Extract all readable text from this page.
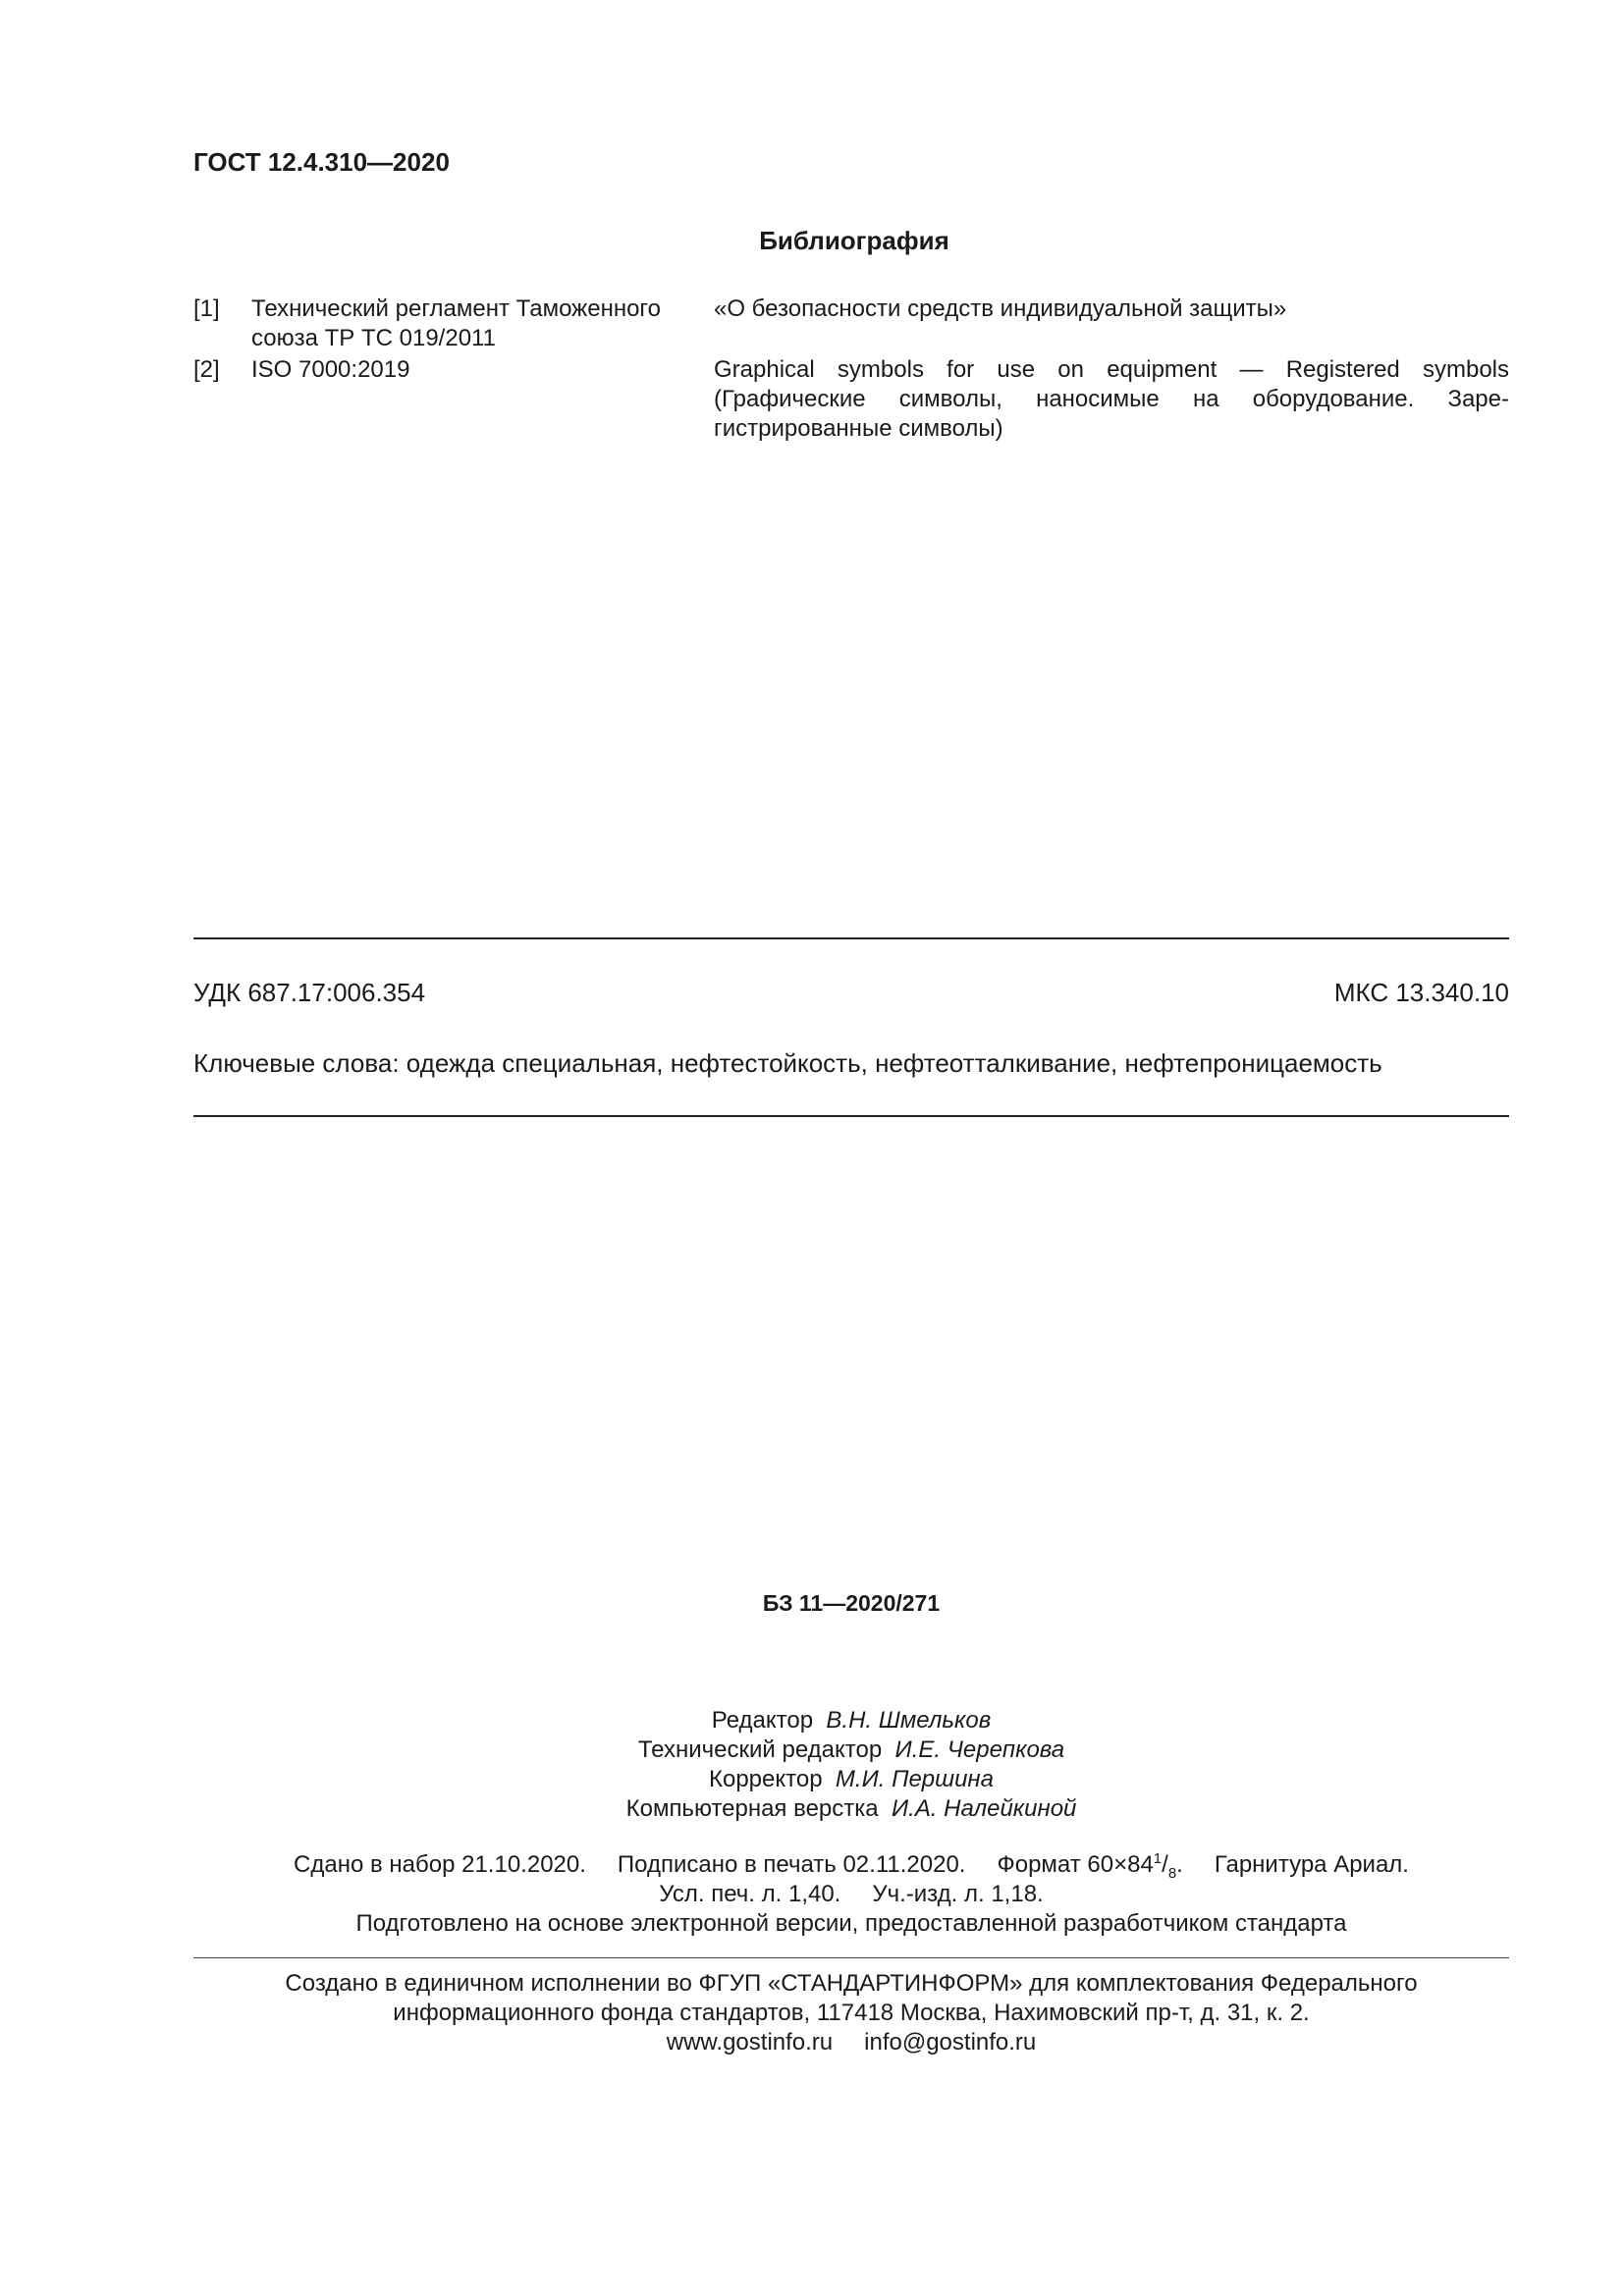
ГОСТ 12.4.310—2020
Библиография
[1] Технический регламент Таможенного союза ТР ТС 019/2011
«О безопасности средств индивидуальной защиты»
[2] ISO 7000:2019	Graphical symbols for use on equipment — Registered symbols (Графические символы, наносимые на оборудование. Заре-гистрированные символы)
УДК 687.17:006.354	МКС 13.340.10
Ключевые слова: одежда специальная, нефтестойкость, нефтеотталкивание, нефтепроницаемость
БЗ 11—2020/271
Редактор В.Н. Шмельков
Технический редактор И.Е. Черепкова
Корректор М.И. Першина
Компьютерная верстка И.А. Налейкиной
Сдано в набор 21.10.2020. Подписано в печать 02.11.2020. Формат $60\times 84^1/_8$. Гарнитура Ариал.
Усл. печ. л. 1,40. Уч.-изд. л. 1,18.
Подготовлено на основе электронной версии, предоставленной разработчиком стандарта
Создано в единичном исполнении во ФГУП «СТАНДАРТИНФОРМ» для комплектования Федерального
информационного фонда стандартов, 117418 Москва, Нахимовский пр-т, д. 31, к. 2.
www.gostinfo.ru info@gostinfo.ru
